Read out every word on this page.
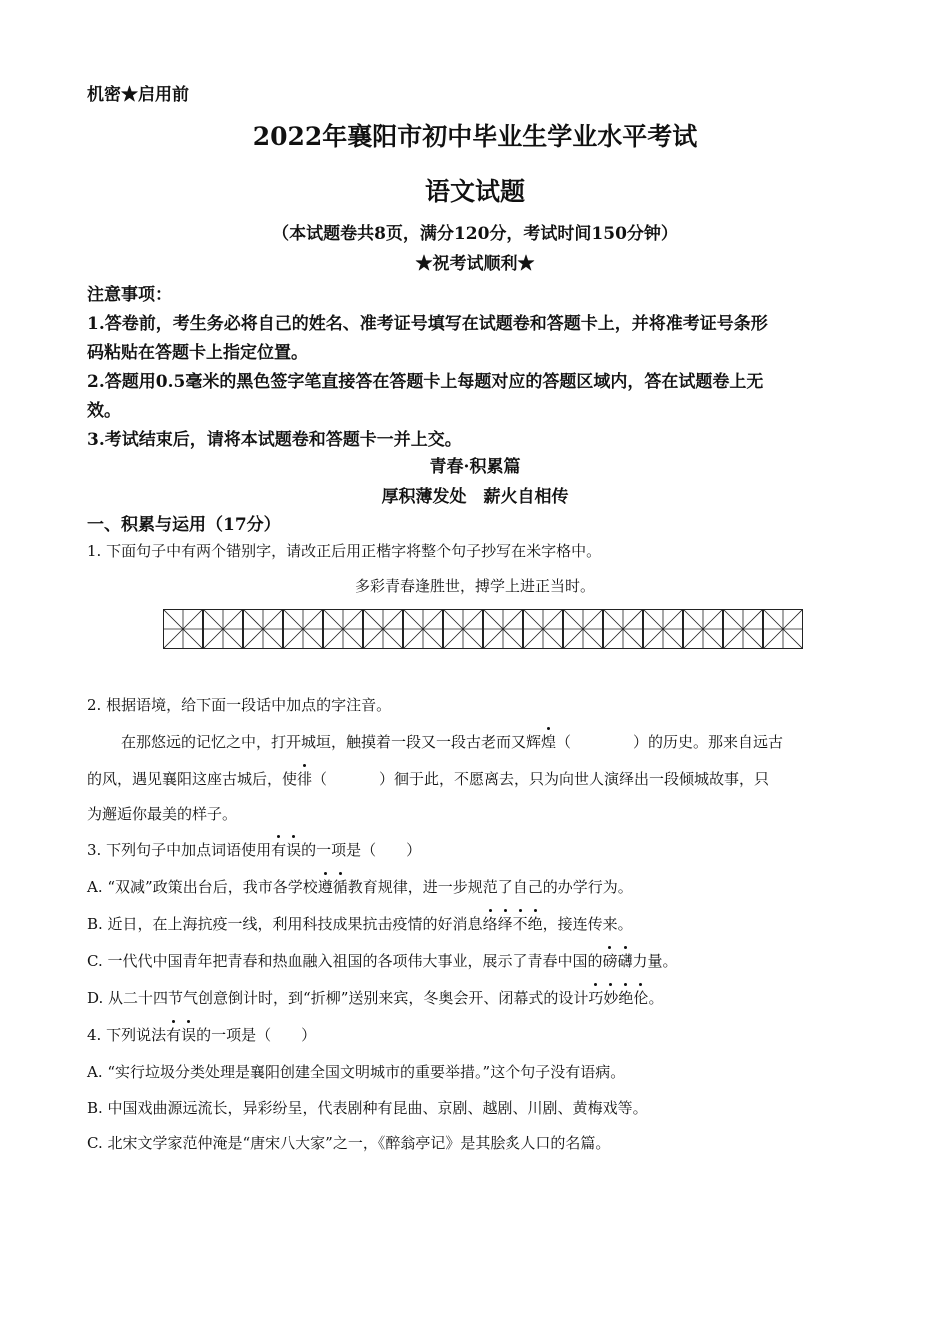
机密★启用前
2022年襄阳市初中毕业生学业水平考试
语文试题
（本试题卷共8页，满分120分，考试时间150分钟）
★祝考试顺利★
注意事项：
1.答卷前，考生务必将自己的姓名、准考证号填写在试题卷和答题卡上，并将准考证号条形
码粘贴在答题卡上指定位置。
2.答题用0.5毫米的黑色签字笔直接答在答题卡上每题对应的答题区域内，答在试题卷上无
效。
3.考试结束后，请将本试题卷和答题卡一并上交。
青春·积累篇
厚积薄发处　薪火自相传
一、积累与运用（17分）
1. 下面句子中有两个错别字，请改正后用正楷字将整个句子抄写在米字格中。
多彩青春逢胜世，搏学上进正当时。
2. 根据语境，给下面一段话中加点的字注音。
在那悠远的记忆之中，打开城垣，触摸着一段又一段古老而又辉煌（	）的历史。那来自远古
的风，遇见襄阳这座古城后，使徘（	）徊于此，不愿离去，只为向世人演绎出一段倾城故事，只
为邂逅你最美的样子。
3. 下列句子中加点词语使用有误的一项是（　　）
A. “双减”政策出台后，我市各学校遵循教育规律，进一步规范了自己的办学行为。
B. 近日，在上海抗疫一线，利用科技成果抗击疫情的好消息络绎不绝，接连传来。
C. 一代代中国青年把青春和热血融入祖国的各项伟大事业，展示了青春中国的磅礴力量。
D. 从二十四节气创意倒计时，到“折柳”送别来宾，冬奥会开、闭幕式的设计巧妙绝伦。
4. 下列说法有误的一项是（　　）
A. “实行垃圾分类处理是襄阳创建全国文明城市的重要举措。”这个句子没有语病。
B. 中国戏曲源远流长，异彩纷呈，代表剧种有昆曲、京剧、越剧、川剧、黄梅戏等。
C. 北宋文学家范仲淹是“唐宋八大家”之一，《醉翁亭记》是其脍炙人口的名篇。
